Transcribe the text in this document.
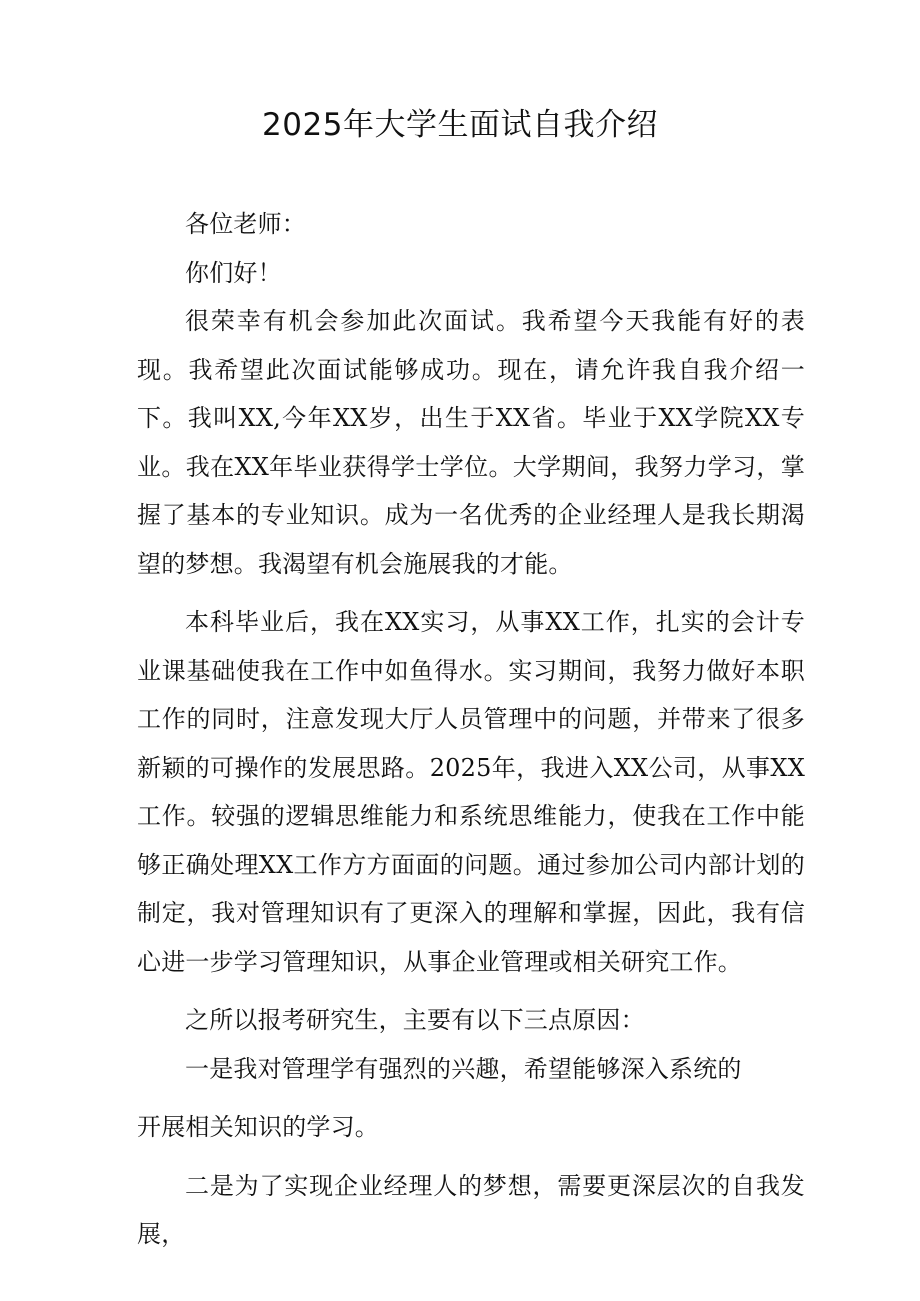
2025年大学生面试自我介绍

各位老师：

你们好！

很荣幸有机会参加此次面试。我希望今天我能有好的表现。我希望此次面试能够成功。现在，请允许我自我介绍一下。我叫XX,今年XX岁，出生于XX省。毕业于XX学院XX专业。我在XX年毕业获得学士学位。大学期间，我努力学习，掌握了基本的专业知识。成为一名优秀的企业经理人是我长期渴望的梦想。我渴望有机会施展我的才能。

本科毕业后，我在XX实习，从事XX工作，扎实的会计专业课基础使我在工作中如鱼得水。实习期间，我努力做好本职工作的同时，注意发现大厅人员管理中的问题，并带来了很多新颖的可操作的发展思路。2025年，我进入XX公司，从事XX工作。较强的逻辑思维能力和系统思维能力，使我在工作中能够正确处理XX工作方方面面的问题。通过参加公司内部计划的制定，我对管理知识有了更深入的理解和掌握，因此，我有信心进一步学习管理知识，从事企业管理或相关研究工作。

之所以报考研究生，主要有以下三点原因：

一是我对管理学有强烈的兴趣，希望能够深入系统的

开展相关知识的学习。

二是为了实现企业经理人的梦想，需要更深层次的自我发展，
